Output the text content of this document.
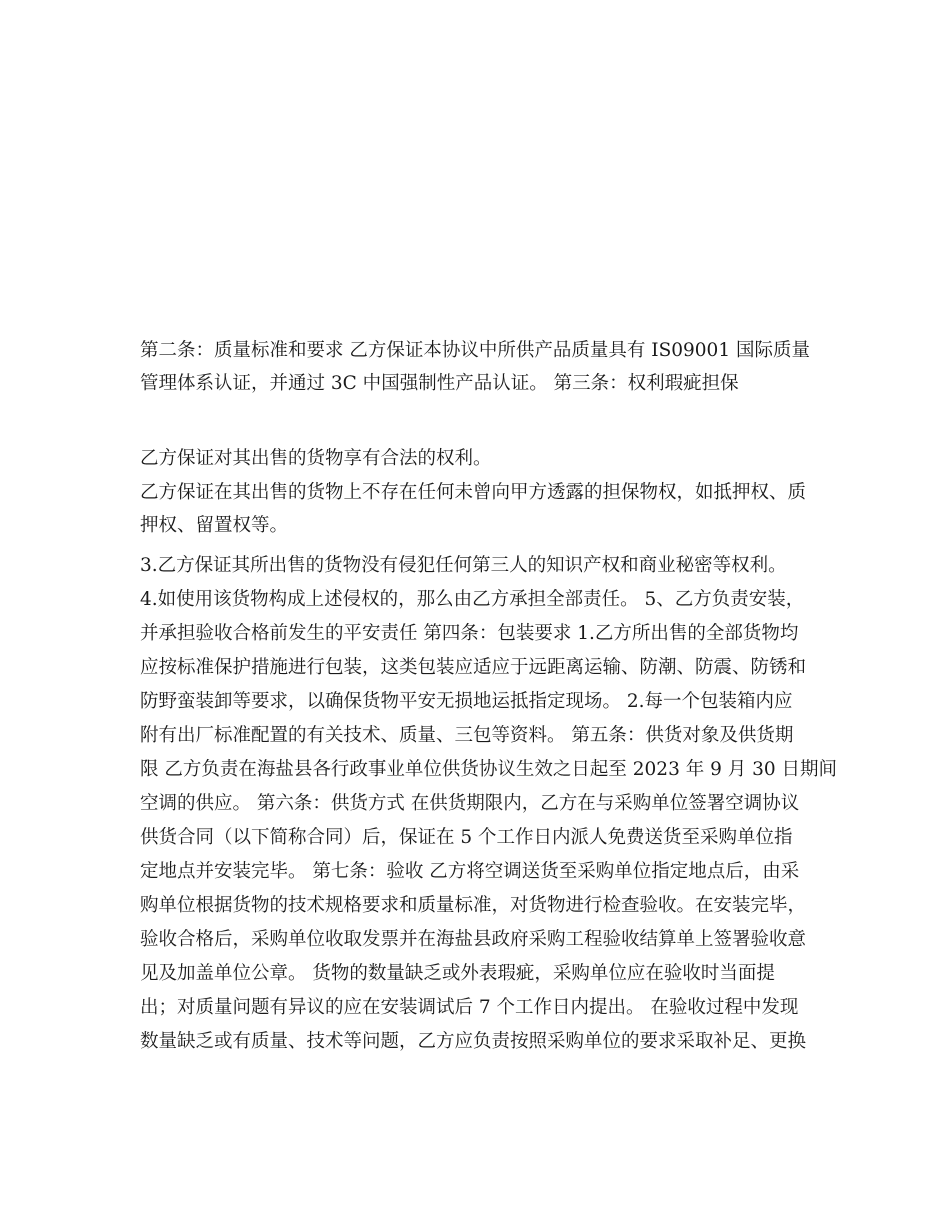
第二条：质量标准和要求 乙方保证本协议中所供产品质量具有 IS09001 国际质量
管理体系认证，并通过 3C 中国强制性产品认证。 第三条：权利瑕疵担保
乙方保证对其出售的货物享有合法的权利。
乙方保证在其出售的货物上不存在任何未曾向甲方透露的担保物权，如抵押权、质
押权、留置权等。
3.乙方保证其所出售的货物没有侵犯任何第三人的知识产权和商业秘密等权利。
4.如使用该货物构成上述侵权的，那么由乙方承担全部责任。 5、乙方负责安装，
并承担验收合格前发生的平安责任 第四条：包装要求 1.乙方所出售的全部货物均
应按标准保护措施进行包装，这类包装应适应于远距离运输、防潮、防震、防锈和
防野蛮装卸等要求，以确保货物平安无损地运抵指定现场。 2.每一个包装箱内应
附有出厂标准配置的有关技术、质量、三包等资料。 第五条：供货对象及供货期
限 乙方负责在海盐县各行政事业单位供货协议生效之日起至 2023 年 9 月 30 日期间
空调的供应。 第六条：供货方式 在供货期限内，乙方在与采购单位签署空调协议
供货合同（以下简称合同）后，保证在 5 个工作日内派人免费送货至采购单位指
定地点并安装完毕。 第七条：验收 乙方将空调送货至采购单位指定地点后，由采
购单位根据货物的技术规格要求和质量标准，对货物进行检查验收。在安装完毕，
验收合格后，采购单位收取发票并在海盐县政府采购工程验收结算单上签署验收意
见及加盖单位公章。 货物的数量缺乏或外表瑕疵，采购单位应在验收时当面提
出；对质量问题有异议的应在安装调试后 7 个工作日内提出。 在验收过程中发现
数量缺乏或有质量、技术等问题，乙方应负责按照采购单位的要求采取补足、更换
